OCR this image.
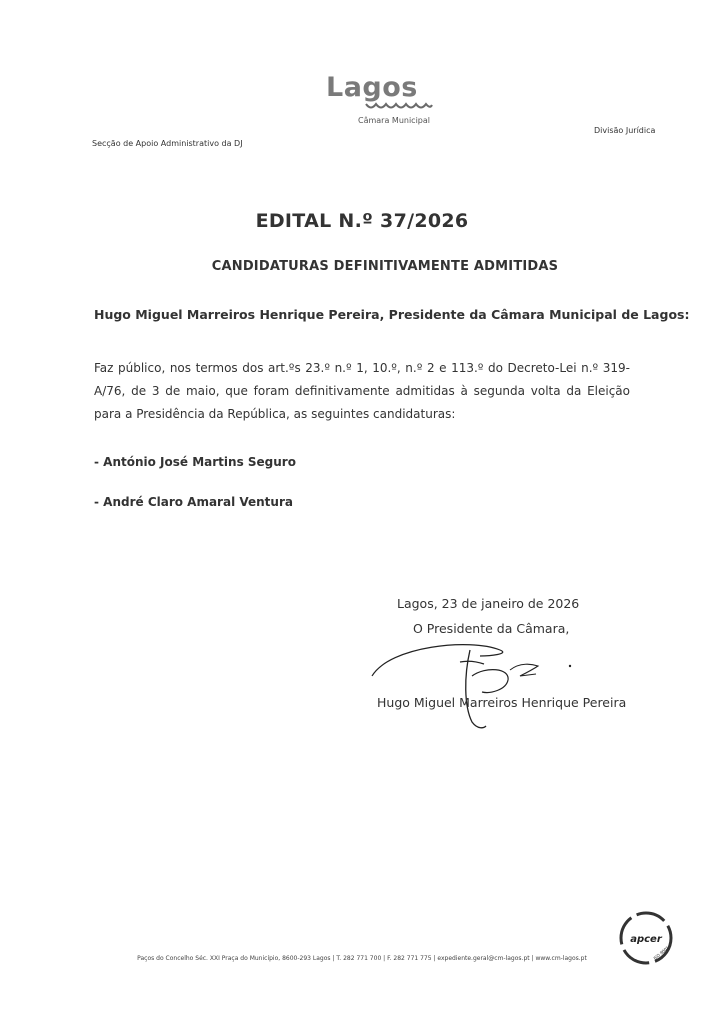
Lagos
Câmara Municipal
Secção de Apoio Administrativo da DJ
Divisão Jurídica
EDITAL N.º 37/2026
CANDIDATURAS DEFINITIVAMENTE ADMITIDAS
Hugo Miguel Marreiros Henrique Pereira, Presidente da Câmara Municipal de Lagos:
Faz público, nos termos dos art.ºs 23.º n.º 1, 10.º, n.º 2 e 113.º do Decreto-Lei n.º 319-A/76, de 3 de maio, que foram definitivamente admitidas à segunda volta da Eleição para a Presidência da República, as seguintes candidaturas:
- António José Martins Seguro
- André Claro Amaral Ventura
Lagos, 23 de janeiro de 2026
O Presidente da Câmara,
Hugo Miguel Marreiros Henrique Pereira
Paços do Concelho Séc. XXI Praça do Município, 8600-293 Lagos | T. 282 771 700 | F. 282 771 775 | expediente.geral@cm-lagos.pt | www.cm-lagos.pt
apcer
ISO 9001
